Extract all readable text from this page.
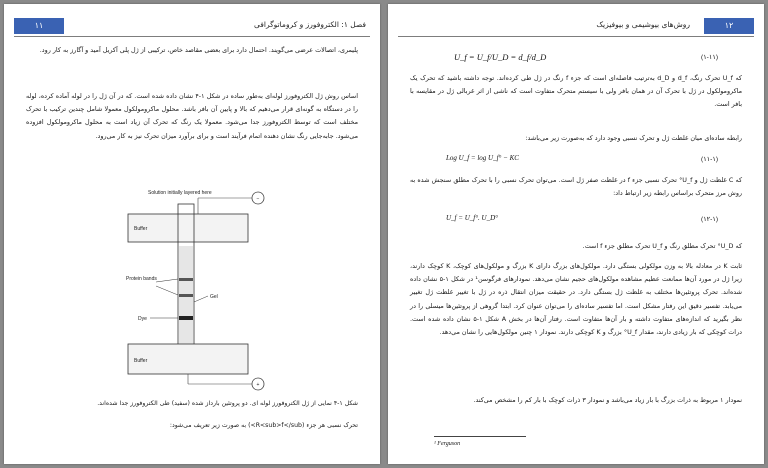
۱۱	فصل ۱: الکتروفورز و کروماتوگرافی
پلیمری، اتصالات عرضی می‌گویند. احتمال دارد برای بعضی مقاصد خاص، ترکیبی از ژل پلی آکریل آمید و آگارز به کار رود.
اساس روش ژل الکتروفورز لوله‌ای به‌طور ساده در شکل ۱-۴ نشان داده شده است. که در آن ژل را در لوله آماده کرده، لوله را در دستگاه به گونه‌ای قرار می‌دهیم که بالا و پایین آن بافر باشد. محلول ماکرومولکول معمولا شامل چندین ترکیب با تحرک مختلف است که توسط الکتروفورز جدا می‌شود. معمولا یک رنگ که تحرک آن زیاد است به محلول ماکرومولکول افزوده می‌شود. جابه‌جایی رنگ نشان دهنده اتمام فرآیند است و برای برآورد میزان تحرک نیز به کار می‌رود.
−
Solution initially layered here
Buffer
Protein bands
Gel
Dye
Buffer
+
شکل ۱-۴ نمایی از ژل الکتروفورز لوله ای. دو پروتئین بارداز شده (سفید) طی الکتروفورز جدا شده‌اند.
تحرک نسبی هر جزء (R<sub>f</sub>) به صورت زیر تعریف می‌شود:
۱۲
روش‌های بیوشیمی و بیوفیزیک
U_f = U_f/U_D = d_f/d_D	(۱-۱۱)
که U_f تحرک رنگ، d_f و d_D به‌ترتیب فاصله‌ای است که جزء f رنگ در ژل طی کرده‌اند. توجه داشته باشید که تحرک یک ماکرومولکول در ژل با تحرک آن در همان بافر ولی با سیستم متحرک متفاوت است که ناشی از اثر غربالی ژل در مقایسه با بافر است.
رابطه ساده‌ای میان غلظت ژل و تحرک نسبی وجود دارد که به‌صورت زیر می‌باشد:
Log U_f = log U_f° − KC	(۱۱-۱)
که C غلظت ژل و U_f° تحرک نسبی جزء f در غلظت صفر ژل است. می‌توان تحرک نسبی را با تحرک مطلق سنجش شده به روش مرز متحرک براساس رابطه زیر ارتباط داد:
U_f = U_f°. U_D°	(۱۲-۱)
که U_D° تحرک مطلق رنگ و U_f تحرک مطلق جزء f است.
ثابت K در معادله بالا به وزن مولکولی بستگی دارد. مولکول‌های بزرگ دارای K بزرگ و مولکول‌های کوچک، K کوچک دارند، زیرا ژل در مورد آن‌ها ممانعت عظیم مشاهده مولکول‌های حجیم نشان می‌دهد. نمودارهای فرگوسن¹ در شکل ۱-۵ نشان داده شده‌اند. تحرک پروتئین‌ها مختلف به غلظت ژل بستگی دارد. در حقیقت میزان انتقال ذره در ژل با تغییر غلظت ژل تغییر می‌یابد. تفسیر دقیق این رفتار مشکل است. اما تفسیر ساده‌ای را می‌توان عنوان کرد. ابتدا گروهی از پروتئین‌ها میسلی را در نظر بگیرید که اندازه‌های متفاوت داشته و بار آن‌ها متفاوت است. رفتار آن‌ها در بخش A شکل ۱-۵ نشان داده شده است. درات کوچکی که بار زیادی دارند، مقدار U_f° بزرگ و K کوچکی دارند. نمودار ۱ چنین مولکول‌هایی را نشان می‌دهد.
نمودار ۱ مربوط به ذرات بزرگ با بار زیاد می‌باشد و نمودار ۳ ذرات کوچک با بار کم را مشخص می‌کند.
¹ Ferguson
